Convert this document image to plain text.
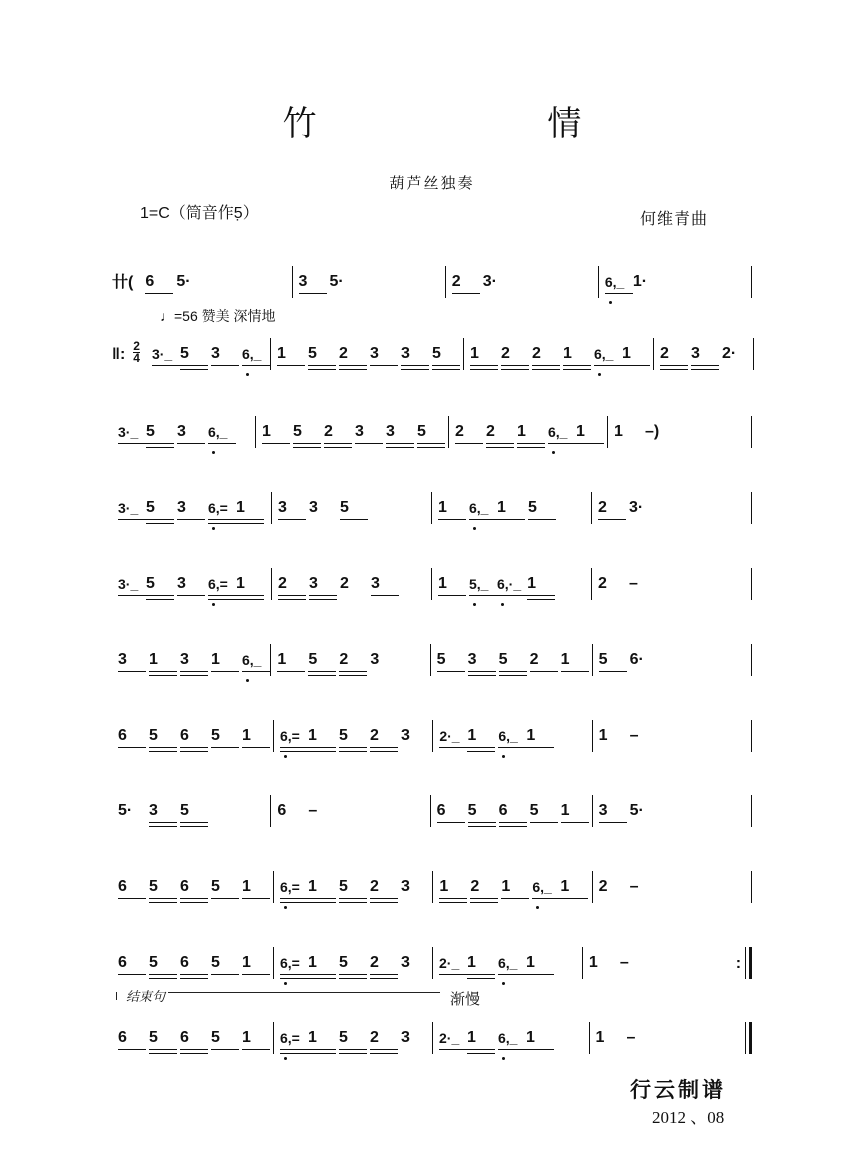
竹 情
葫芦丝独奏
1=C（筒音作5̣）	何维青曲
♩=56 赞美 深情地
结束句	渐慢
行云制谱
2012 、08
卄( 6	5·	3	5·	2	3·	6,_ 1·
‖: $\frac{2}{4}$ 3·_ 5	3	6,_ 1	5	2	3	3	5	1	2	2	1	6,_ 1	2	3	2·
3·_ 5	3	6,_ 1	5	2	3	3	5	2	2	1	6,_ 1	1	–)
3·_ 5	3	6,= 1	3	3	5	1	6,_ 1	5	2	3·
3·_ 5	3	6,= 1	2	3	2	3	1	5,_ 6,·_ 1	2	–
3	1	3	1	6,_ 1	5	2	3	5	3	5	2	1	5	6·
6	5	6	5	1	6,= 1	5	2	3	2·_ 1	6,_ 1	1	–
5·	3	5	6	–	6	5	6	5	1	3	5·
6	5	6	5	1	6,= 1	5	2	3	1	2	1	6,_ 1	2	–
6	5	6	5	1	6,= 1	5	2	3	2·_ 1	6,_ 1	1	–	:
6	5	6	5	1	6,= 1	5	2	3	2·_ 1	6,_ 1	1	–
